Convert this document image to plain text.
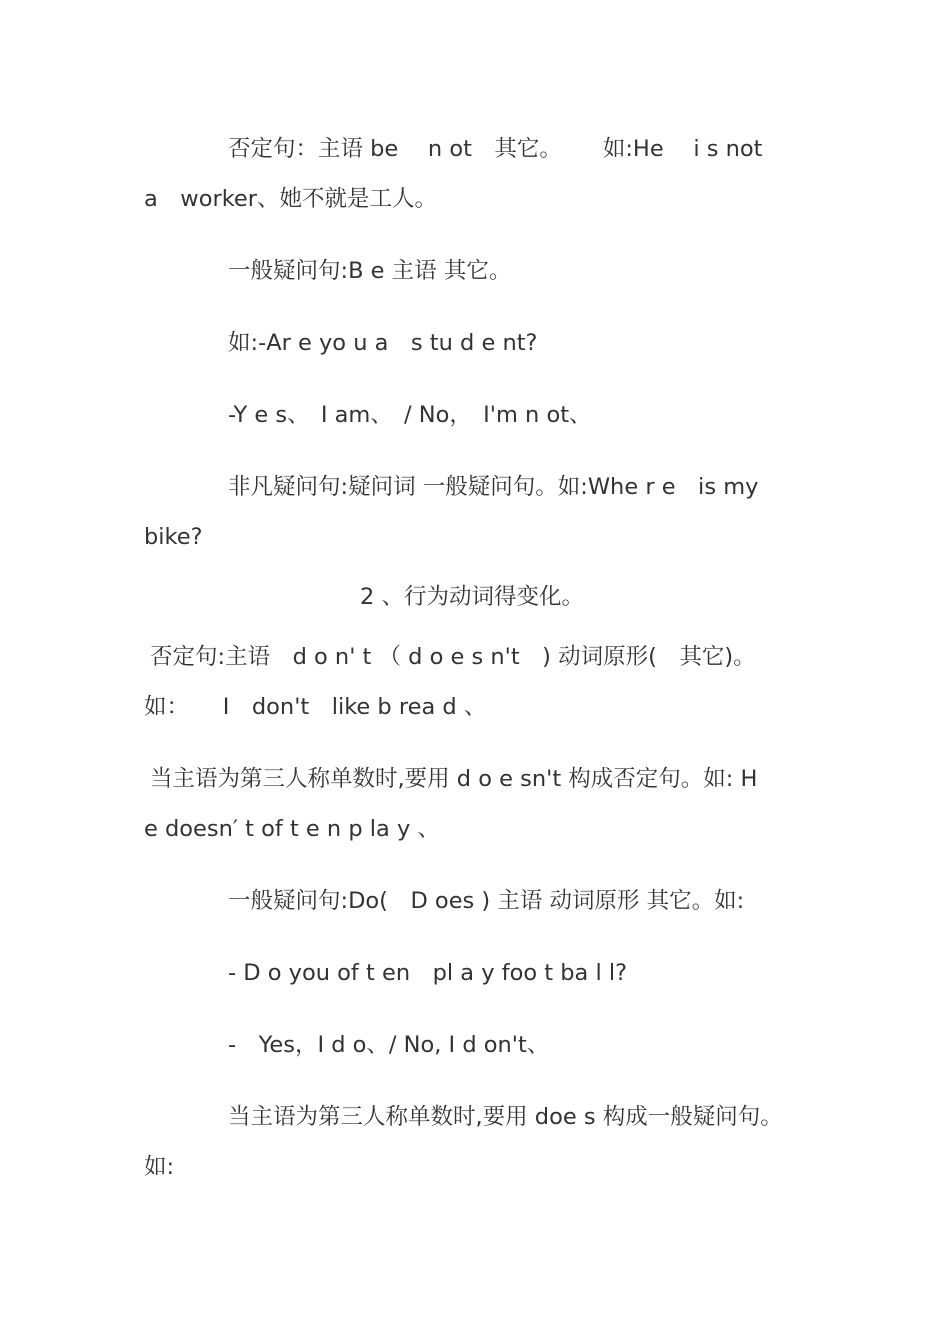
否定句：主语 be　 n ot　其它。　　 如:He　 i s not

a　worker、她不就是工人。

一般疑问句:B e 主语 其它。

如:-Ar e yo u a　s tu d e nt?

-Y e s、　I am、　/ No，　I'm n ot、

非凡疑问句:疑问词 一般疑问句。如:Whe r e　is my

bike?

2 、行为动词得变化。

否定句:主语　d o n' t （ d o e s n't　) 动词原形(　其它)。

如：　　I　don't　like b rea d 、

当主语为第三人称单数时,要用 d o e sn't 构成否定句。如: H

e doesn′ t of t e n p la y 、

一般疑问句:Do(　D oes ) 主语 动词原形 其它。如:

- D o you of t en　pl a y foo t ba l l?

-　Yes，I d o、/ No, I d on't、

当主语为第三人称单数时,要用 doe s 构成一般疑问句。

如:
